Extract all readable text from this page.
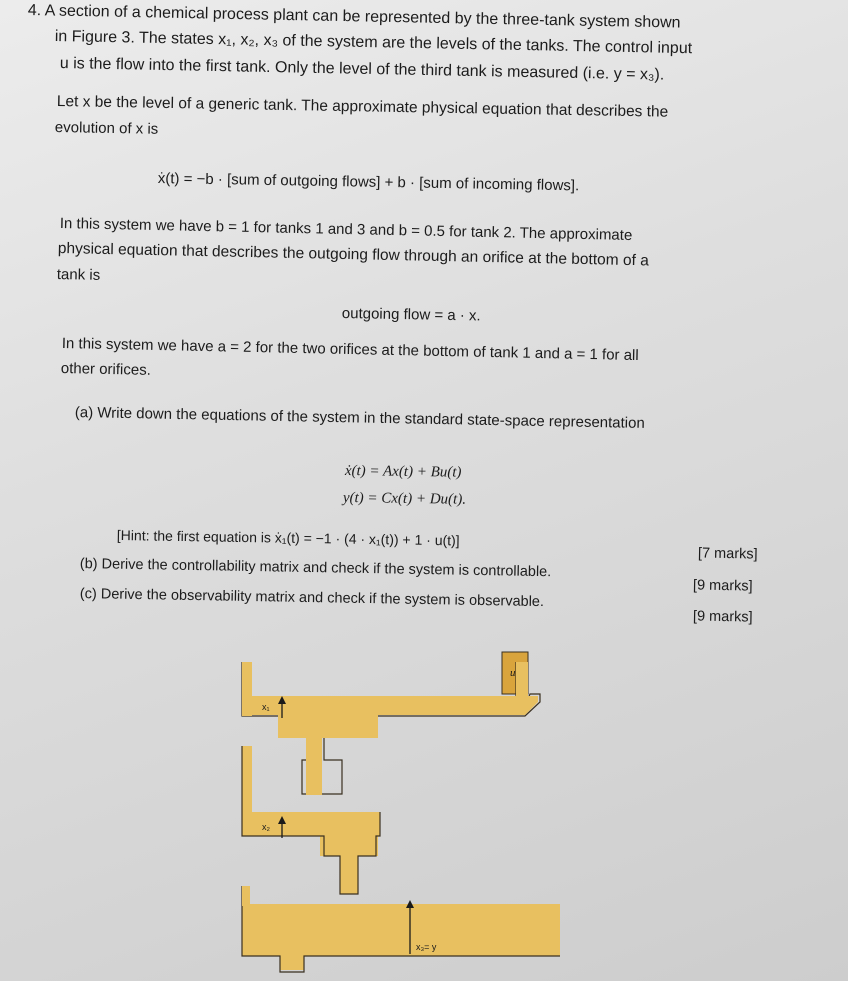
4. A section of a chemical process plant can be represented by the three-tank system shown
in Figure 3. The states x₁, x₂, x₃ of the system are the levels of the tanks. The control input
u is the flow into the first tank. Only the level of the third tank is measured (i.e. y = x₃).
Let x be the level of a generic tank. The approximate physical equation that describes the
evolution of x is
ẋ(t) = −b · [sum of outgoing flows] + b · [sum of incoming flows].
In this system we have b = 1 for tanks 1 and 3 and b = 0.5 for tank 2. The approximate
physical equation that describes the outgoing flow through an orifice at the bottom of a
tank is
outgoing flow = a · x.
In this system we have a = 2 for the two orifices at the bottom of tank 1 and a = 1 for all
other orifices.
(a) Write down the equations of the system in the standard state-space representation
ẋ(t) = Ax(t) + Bu(t)
y(t) = Cx(t) + Du(t).
[Hint: the first equation is ẋ₁(t) = −1 · (4 · x₁(t)) + 1 · u(t)]
(b) Derive the controllability matrix and check if the system is controllable.
(c) Derive the observability matrix and check if the system is observable.
[7 marks]
[9 marks]
[9 marks]
u
x₁
x₂
x₃= y
